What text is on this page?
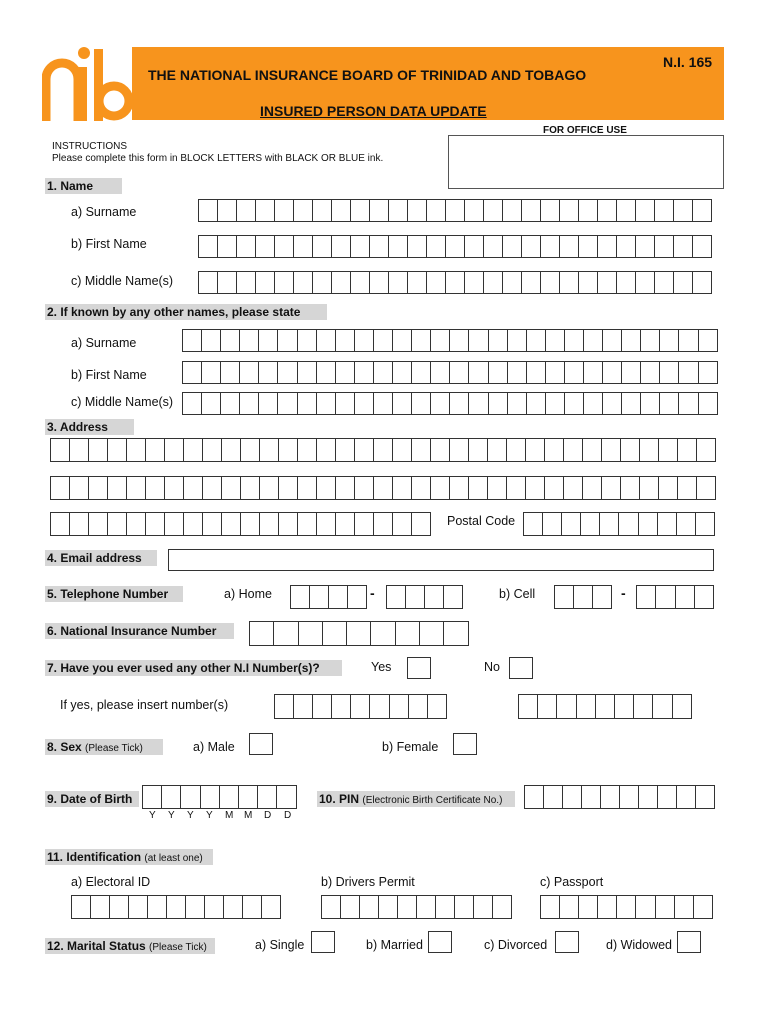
THE NATIONAL INSURANCE BOARD OF TRINIDAD AND TOBAGO
N.I. 165
INSURED PERSON DATA UPDATE
FOR OFFICE USE
INSTRUCTIONS
Please complete this form in BLOCK LETTERS with BLACK OR BLUE ink.
1. Name
a) Surname
b) First Name
c) Middle Name(s)
2. If known by any other names, please state
a) Surname
b) First Name
c) Middle Name(s)
3. Address
Postal Code
4. Email address
5. Telephone Number	a) Home	-	b) Cell	-
6. National Insurance Number
7. Have you ever used any other N.I Number(s)?	Yes	No
If yes, please insert number(s)
8. Sex (Please Tick)	a) Male	b) Female
9. Date of Birth
Y Y Y Y M M D D
10. PIN (Electronic Birth Certificate No.)
11. Identification (at least one)
a) Electoral ID	b) Drivers Permit	c) Passport
12. Marital Status (Please Tick)	a) Single	b) Married	c) Divorced	d) Widowed
